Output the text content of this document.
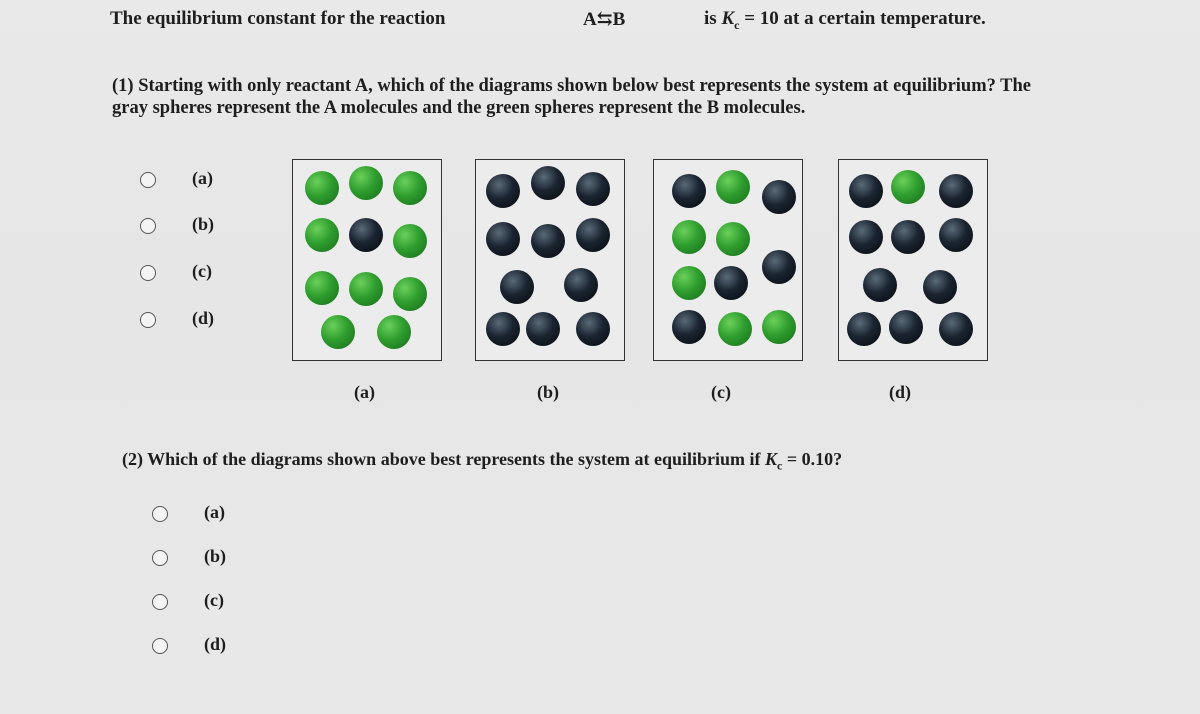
The equilibrium constant for the reaction	A⇆B	is $K_c = 10$ at a certain temperature.
(1) Starting with only reactant A, which of the diagrams shown below best represents the system at equilibrium? The gray spheres represent the A molecules and the green spheres represent the B molecules.
(a)
(b)
(c)
(d)
(a)	(b)	(c)	(d)
(2) Which of the diagrams shown above best represents the system at equilibrium if $K_c = 0.10$?
(a)
(b)
(c)
(d)
